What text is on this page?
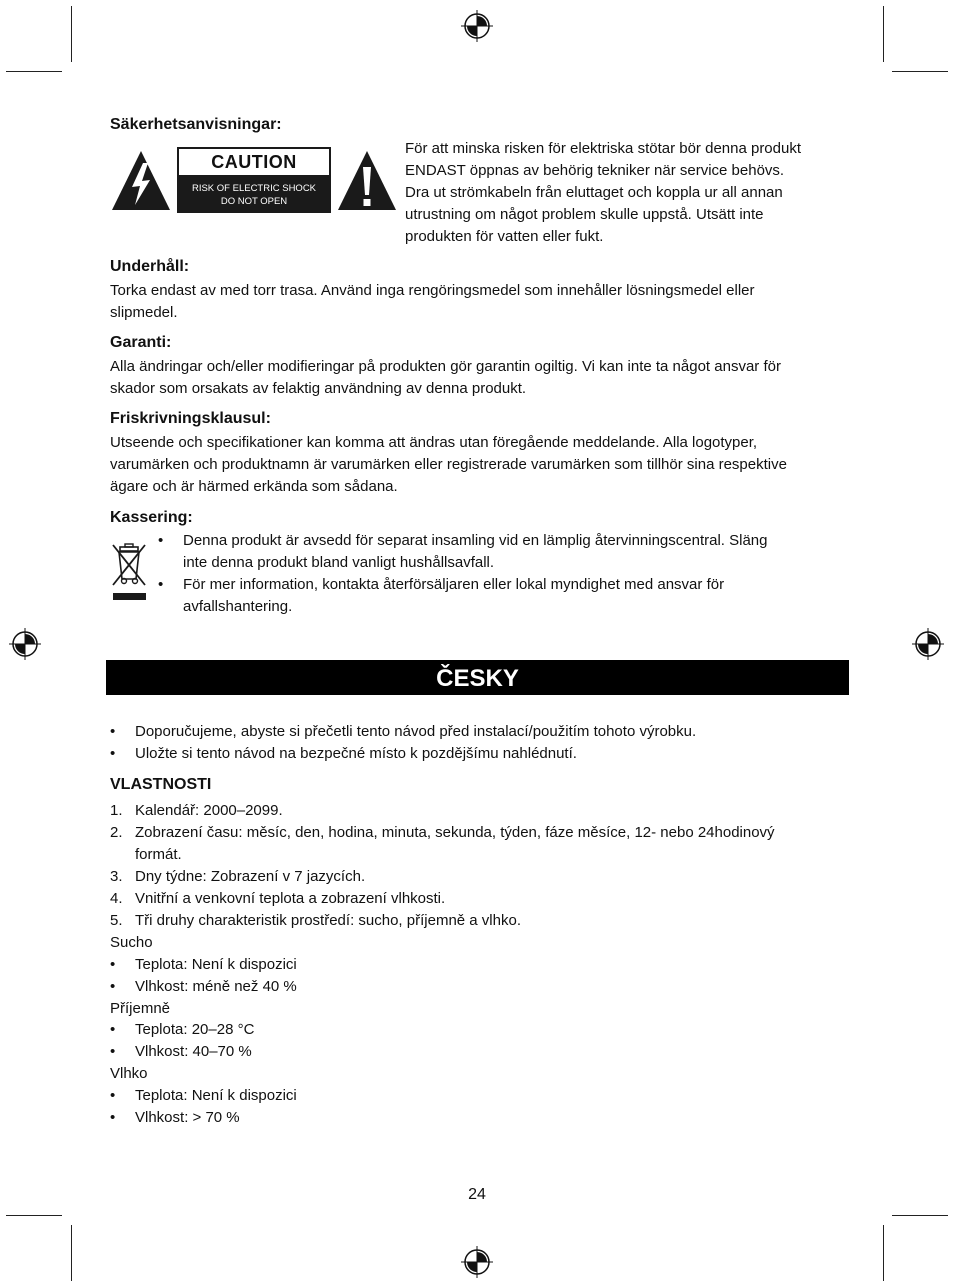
Säkerhetsanvisningar:
CAUTION
RISK OF ELECTRIC SHOCK
DO NOT OPEN
För att minska risken för elektriska stötar bör denna produkt
ENDAST öppnas av behörig tekniker när service behövs.
Dra ut strömkabeln från eluttaget och koppla ur all annan
utrustning om något problem skulle uppstå. Utsätt inte
produkten för vatten eller fukt.
Underhåll:
Torka endast av med torr trasa. Använd inga rengöringsmedel som innehåller lösningsmedel eller
slipmedel.
Garanti:
Alla ändringar och/eller modifieringar på produkten gör garantin ogiltig. Vi kan inte ta något ansvar för
skador som orsakats av felaktig användning av denna produkt.
Friskrivningsklausul:
Utseende och specifikationer kan komma att ändras utan föregående meddelande. Alla logotyper,
varumärken och produktnamn är varumärken eller registrerade varumärken som tillhör sina respektive
ägare och är härmed erkända som sådana.
Kassering:
• Denna produkt är avsedd för separat insamling vid en lämplig återvinningscentral. Släng
inte denna produkt bland vanligt hushållsavfall.
• För mer information, kontakta återförsäljaren eller lokal myndighet med ansvar för
avfallshantering.
ČESKY
• Doporučujeme, abyste si přečetli tento návod před instalací/použitím tohoto výrobku.
• Uložte si tento návod na bezpečné místo k pozdějšímu nahlédnutí.
VLASTNOSTI
1. Kalendář: 2000–2099.
2. Zobrazení času: měsíc, den, hodina, minuta, sekunda, týden, fáze měsíce, 12- nebo 24hodinový
formát.
3. Dny týdne: Zobrazení v 7 jazycích.
4. Vnitřní a venkovní teplota a zobrazení vlhkosti.
5. Tři druhy charakteristik prostředí: sucho, příjemně a vlhko.
Sucho
• Teplota: Není k dispozici
• Vlhkost: méně než 40 %
Příjemně
• Teplota: 20–28 °C
• Vlhkost: 40–70 %
Vlhko
• Teplota: Není k dispozici
• Vlhkost: > 70 %
24
